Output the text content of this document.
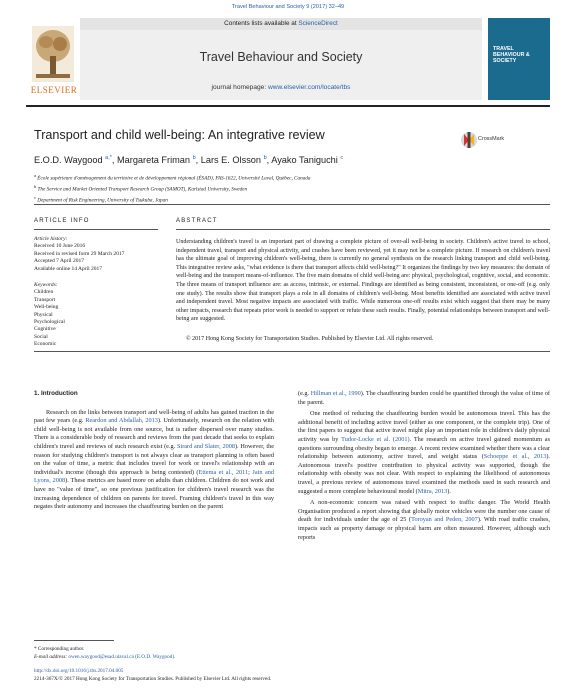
Travel Behaviour and Society 9 (2017) 32–49
ELSEVIER
Contents lists available at ScienceDirect
Travel Behaviour and Society
journal homepage: www.elsevier.com/locate/tbs
TRAVEL BEHAVIOUR & SOCIETY
Transport and child well-being: An integrative review	CrossMark
E.O.D. Waygood $^{a,*}$, Margareta Friman $^b$, Lars E. Olsson $^b$, Ayako Taniguchi $^c$
$^a$ École supérieure d'aménagement du territoire et de développement régional (ÉSAD), FAS-1622, Université Laval, Québec, Canada
$^b$ The Service and Market Oriented Transport Research Group (SAMOT), Karlstad University, Sweden
$^c$ Department of Risk Engineering, University of Tsukuba, Japan
ARTICLE INFO	ABSTRACT
Article history:
Received 10 June 2016
Received in revised form 29 March 2017
Accepted 7 April 2017
Available online 14 April 2017
Keywords:
Children
Transport
Well-being
Physical
Psychological
Cognitive
Social
Economic
Understanding children's travel is an important part of drawing a complete picture of over-all well-being in society. Children's active travel to school, independent travel, transport and physical activity, and crashes have been reviewed, yet it may not be a complete picture. If research on children's travel has the ultimate goal of improving children's well-being, there is currently no general synthesis on the research linking transport and child well-being. This integrative review asks, "what evidence is there that transport affects child well-being?" It organizes the findings by two key measures: the domain of well-being and the transport means-of-influence. The five main domains of child well-being are: physical, psychological, cognitive, social, and economic. The three means of transport influence are: as access, intrinsic, or external. Findings are identified as being consistent, inconsistent, or one-off (e.g. only one study). The results show that transport plays a role in all domains of children's well-being. Most benefits identified are associated with active travel and independent travel. Most negative impacts are associated with traffic. While numerous one-off results exist which suggest that there may be many other impacts, research that repeats prior work is needed to support or refute these such results. Finally, potential relationships between transport and well-being are suggested.
© 2017 Hong Kong Society for Transportation Studies. Published by Elsevier Ltd. All rights reserved.
1. Introduction

Research on the links between transport and well-being of adults has gained traction in the past few years (e.g. Reardon and Abdallah, 2013). Unfortunately, research on the relation with child well-being is not available from one source, but is rather dispersed over many studies. There is a considerable body of research and reviews from the past decade that seeks to explain children's travel and reviews of such research exist (e.g. Sirard and Slater, 2008). However, the reason for studying children's transport is not always clear as transport planning is often based on the value of time, a metric that includes travel for work or travel's relationship with an individual's income (though this approach is being contested) (Ettema et al., 2011; Jain and Lyons, 2008). These metrics are based more on adults than children. Children do not work and have no "value of time", so one previous justification for children's travel research was the increasing dependence of children on parents for travel. Framing children's travel in this way negates their autonomy and increases the chauffeuring burden on the parent

(e.g. Hillman et al., 1990). The chauffeuring burden could be quantified through the value of time of the parent.

One method of reducing the chauffeuring burden would be autonomous travel. This has the additional benefit of including active travel (either as one component, or the complete trip). One of the first papers to suggest that active travel might play an important role in children's daily physical activity was by Tudor-Locke et al. (2001). The research on active travel gained momentum as questions surrounding obesity began to emerge. A recent review examined whether there was a clear relationship between autonomy, active travel, and weight status (Schoeppe et al., 2013). Autonomous travel's positive contribution to physical activity was supported, though the relationship with obesity was not clear. With respect to explaining the likelihood of autonomous travel, a previous review of autonomous travel examined the methods used in such research and suggested a more complete behavioural model (Mitra, 2013).

A non-economic concern was raised with respect to traffic danger. The World Health Organisation produced a report showing that globally motor vehicles were the number one cause of death for individuals under the age of 25 (Toroyan and Peden, 2007). With road traffic crashes, impacts such as property damage or physical harm are often measured. However, although such reports

* Corresponding author.
E-mail address: owen.waygood@esad.ulaval.ca (E.O.D. Waygood).
http://dx.doi.org/10.1016/j.tbs.2017.04.005
2214-367X/© 2017 Hong Kong Society for Transportation Studies. Published by Elsevier Ltd. All rights reserved.
